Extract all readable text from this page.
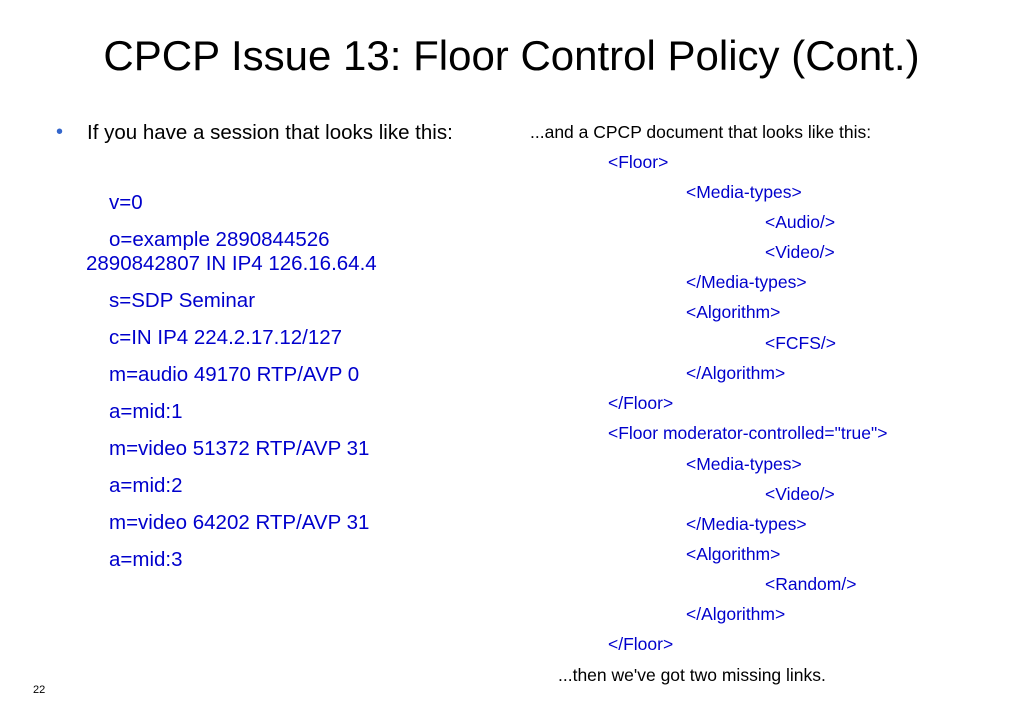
CPCP Issue 13: Floor Control Policy (Cont.)
• If you have a session that looks like this:
v=0
o=example 2890844526
2890842807 IN IP4 126.16.64.4
s=SDP Seminar
c=IN IP4 224.2.17.12/127
m=audio 49170 RTP/AVP 0
a=mid:1
m=video 51372 RTP/AVP 31
a=mid:2
m=video 64202 RTP/AVP 31
a=mid:3
...and a CPCP document that looks like this:
<Floor>
<Media-types>
<Audio/>
<Video/>
</Media-types>
<Algorithm>
<FCFS/>
</Algorithm>
</Floor>
<Floor moderator-controlled="true">
<Media-types>
<Video/>
</Media-types>
<Algorithm>
<Random/>
</Algorithm>
</Floor>
...then we've got two missing links.
22
